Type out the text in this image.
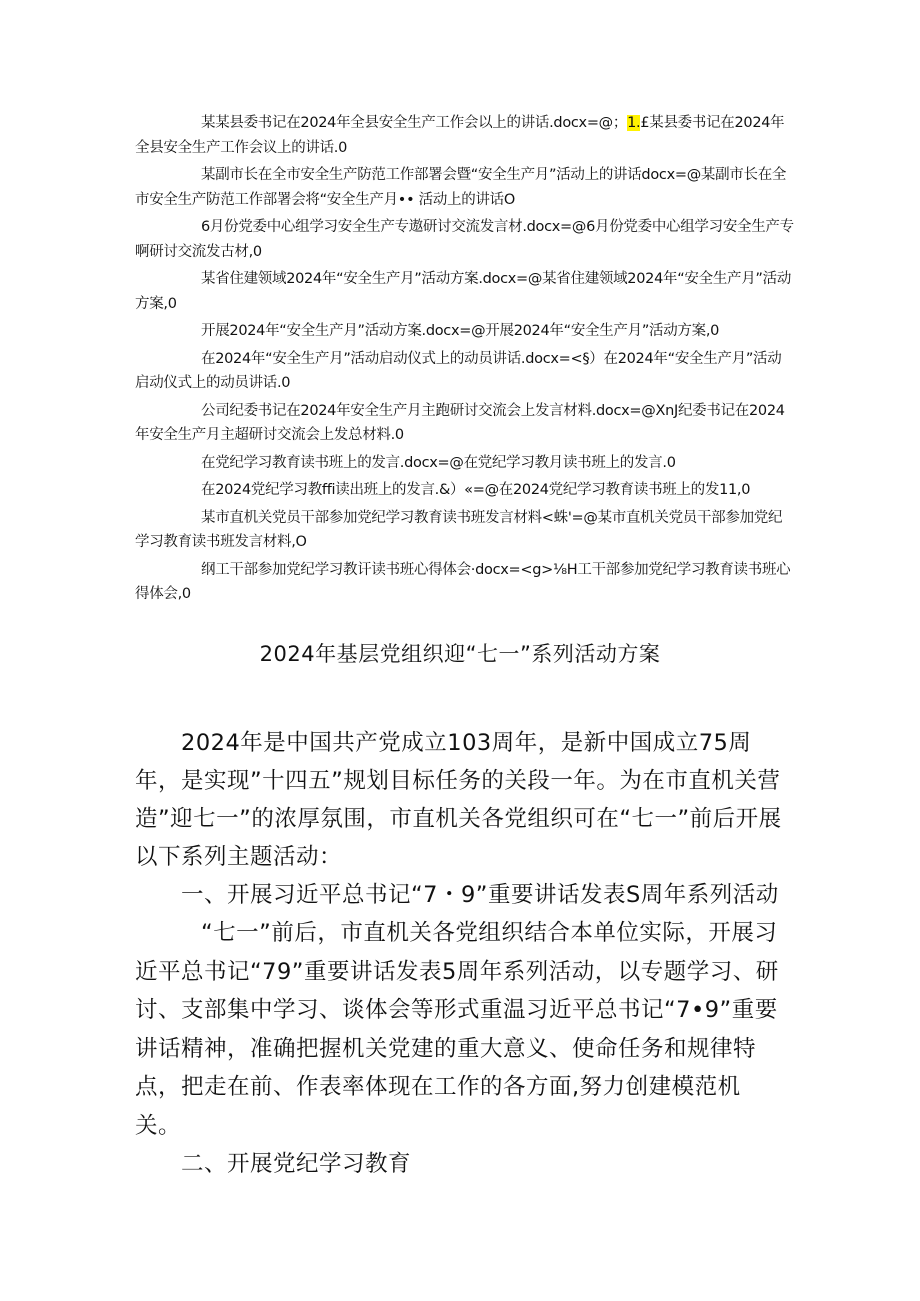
某某县委书记在2024年全县安全生产工作会以上的讲话.docx=@；1.£某县委书记在2024年全县安全生产工作会议上的讲话.0

某副市长在全市安全生产防范工作部署会暨“安全生产月”活动上的讲话docx=@某副市长在全市安全生产防范工作部署会将“安全生产月•• 活动上的讲话O

6月份党委中心组学习安全生产专遨研讨交流发言材.docx=@6月份党委中心组学习安全生产专啊研讨交流发古材,0

某省住建领域2024年“安全生产月”活动方案.docx=@某省住建领域2024年“安全生产月”活动方案,0

开展2024年“安全生产月”活动方案.docx=@开展2024年“安全生产月”活动方案,0

在2024年“安全生产月”活动启动仪式上的动员讲话.docx=<§）在2024年“安全生产月”活动启动仪式上的动员讲话.0

公司纪委书记在2024年安全生产月主跑研讨交流会上发言材料.docx=@XnJ纪委书记在2024年安全生产月主超研讨交流会上发总材料.0

在党纪学习教育读书班上的发言.docx=@在党纪学习教月读书班上的发言.0

在2024党纪学习教ffi读出班上的发言.&）«=@在2024党纪学习教育读书班上的发11,0

某市直机关党员干部参加党纪学习教育读书班发言材料<蛛'=@某市直机关党员干部参加党纪学习教育读书班发言材料,O

纲工干部参加党纪学习教讦读书班心得体会·docx=<g>⅛H工干部参加党纪学习教育读书班心得体会,0

2024年基层党组织迎“七一”系列活动方案

2024年是中国共产党成立103周年，是新中国成立75周年，是实现”十四五”规划目标任务的关段一年。为在市直机关营造”迎七一”的浓厚氛围，市直机关各党组织可在“七一”前后开展以下系列主题活动：

一、开展习近平总书记“7・9”重要讲话发表S周年系列活动

“七一”前后，市直机关各党组织结合本单位实际，开展习近平总书记“79”重要讲话发表5周年系列活动，以专题学习、研讨、支部集中学习、谈体会等形式重温习近平总书记“7•9”重要讲话精神，准确把握机关党建的重大意义、使命任务和规律特点，把走在前、作表率体现在工作的各方面,努力创建模范机关。

二、开展党纪学习教育
